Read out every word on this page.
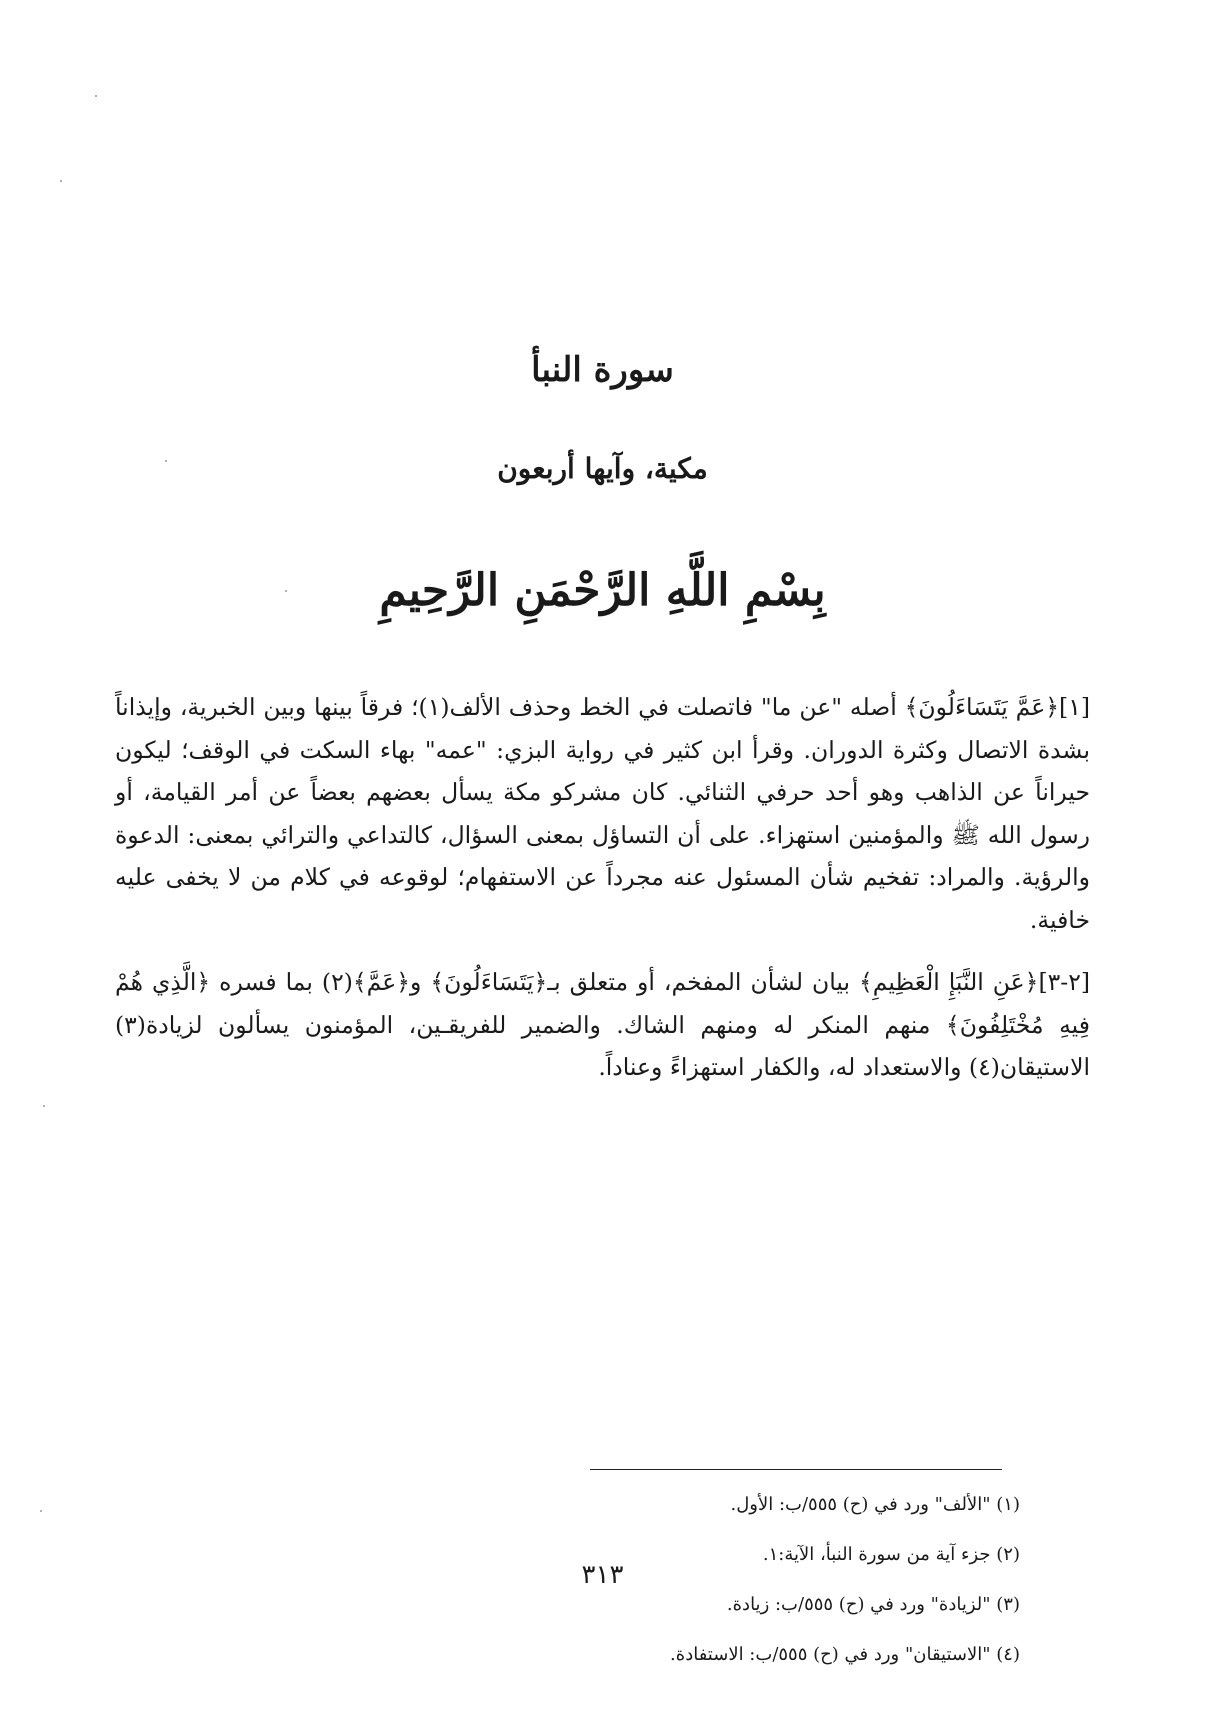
سورة النبأ
مكية، وآيها أربعون
بِسْمِ اللَّهِ الرَّحْمَنِ الرَّحِيمِ

[١]﴿عَمَّ يَتَسَاءَلُونَ﴾ أصله "عن ما" فاتصلت في الخط وحذف الألف(١)؛ فرقاً بينها وبين الخبرية، وإيذاناً بشدة الاتصال وكثرة الدوران. وقرأ ابن كثير في رواية البزي: "عمه" بهاء السكت في الوقف؛ ليكون حيراناً عن الذاهب وهو أحد حرفي الثنائي. كان مشركو مكة يسأل بعضهم بعضاً عن أمر القيامة، أو رسول الله ﷺ والمؤمنين استهزاء. على أن التساؤل بمعنى السؤال، كالتداعي والترائي بمعنى: الدعوة والرؤية. والمراد: تفخيم شأن المسئول عنه مجرداً عن الاستفهام؛ لوقوعه في كلام من لا يخفى عليه خافية.

[٢-٣]﴿عَنِ النَّبَإِ الْعَظِيمِ﴾ بيان لشأن المفخم، أو متعلق بـ﴿يَتَسَاءَلُونَ﴾ و﴿عَمَّ﴾(٢) بما فسره ﴿الَّذِي هُمْ فِيهِ مُخْتَلِفُونَ﴾ منهم المنكر له ومنهم الشاك. والضمير للفريقـين، المؤمنون يسألون لزيادة(٣) الاستيقان(٤) والاستعداد له، والكفار استهزاءً وعناداً.

(١) "الألف" ورد في (ح) ٥٥٥/ب: الأول.

(٢) جزء آية من سورة النبأ، الآية:١.

(٣) "لزيادة" ورد في (ح) ٥٥٥/ب: زيادة.

(٤) "الاستيقان" ورد في (ح) ٥٥٥/ب: الاستفادة.

٣١٣
